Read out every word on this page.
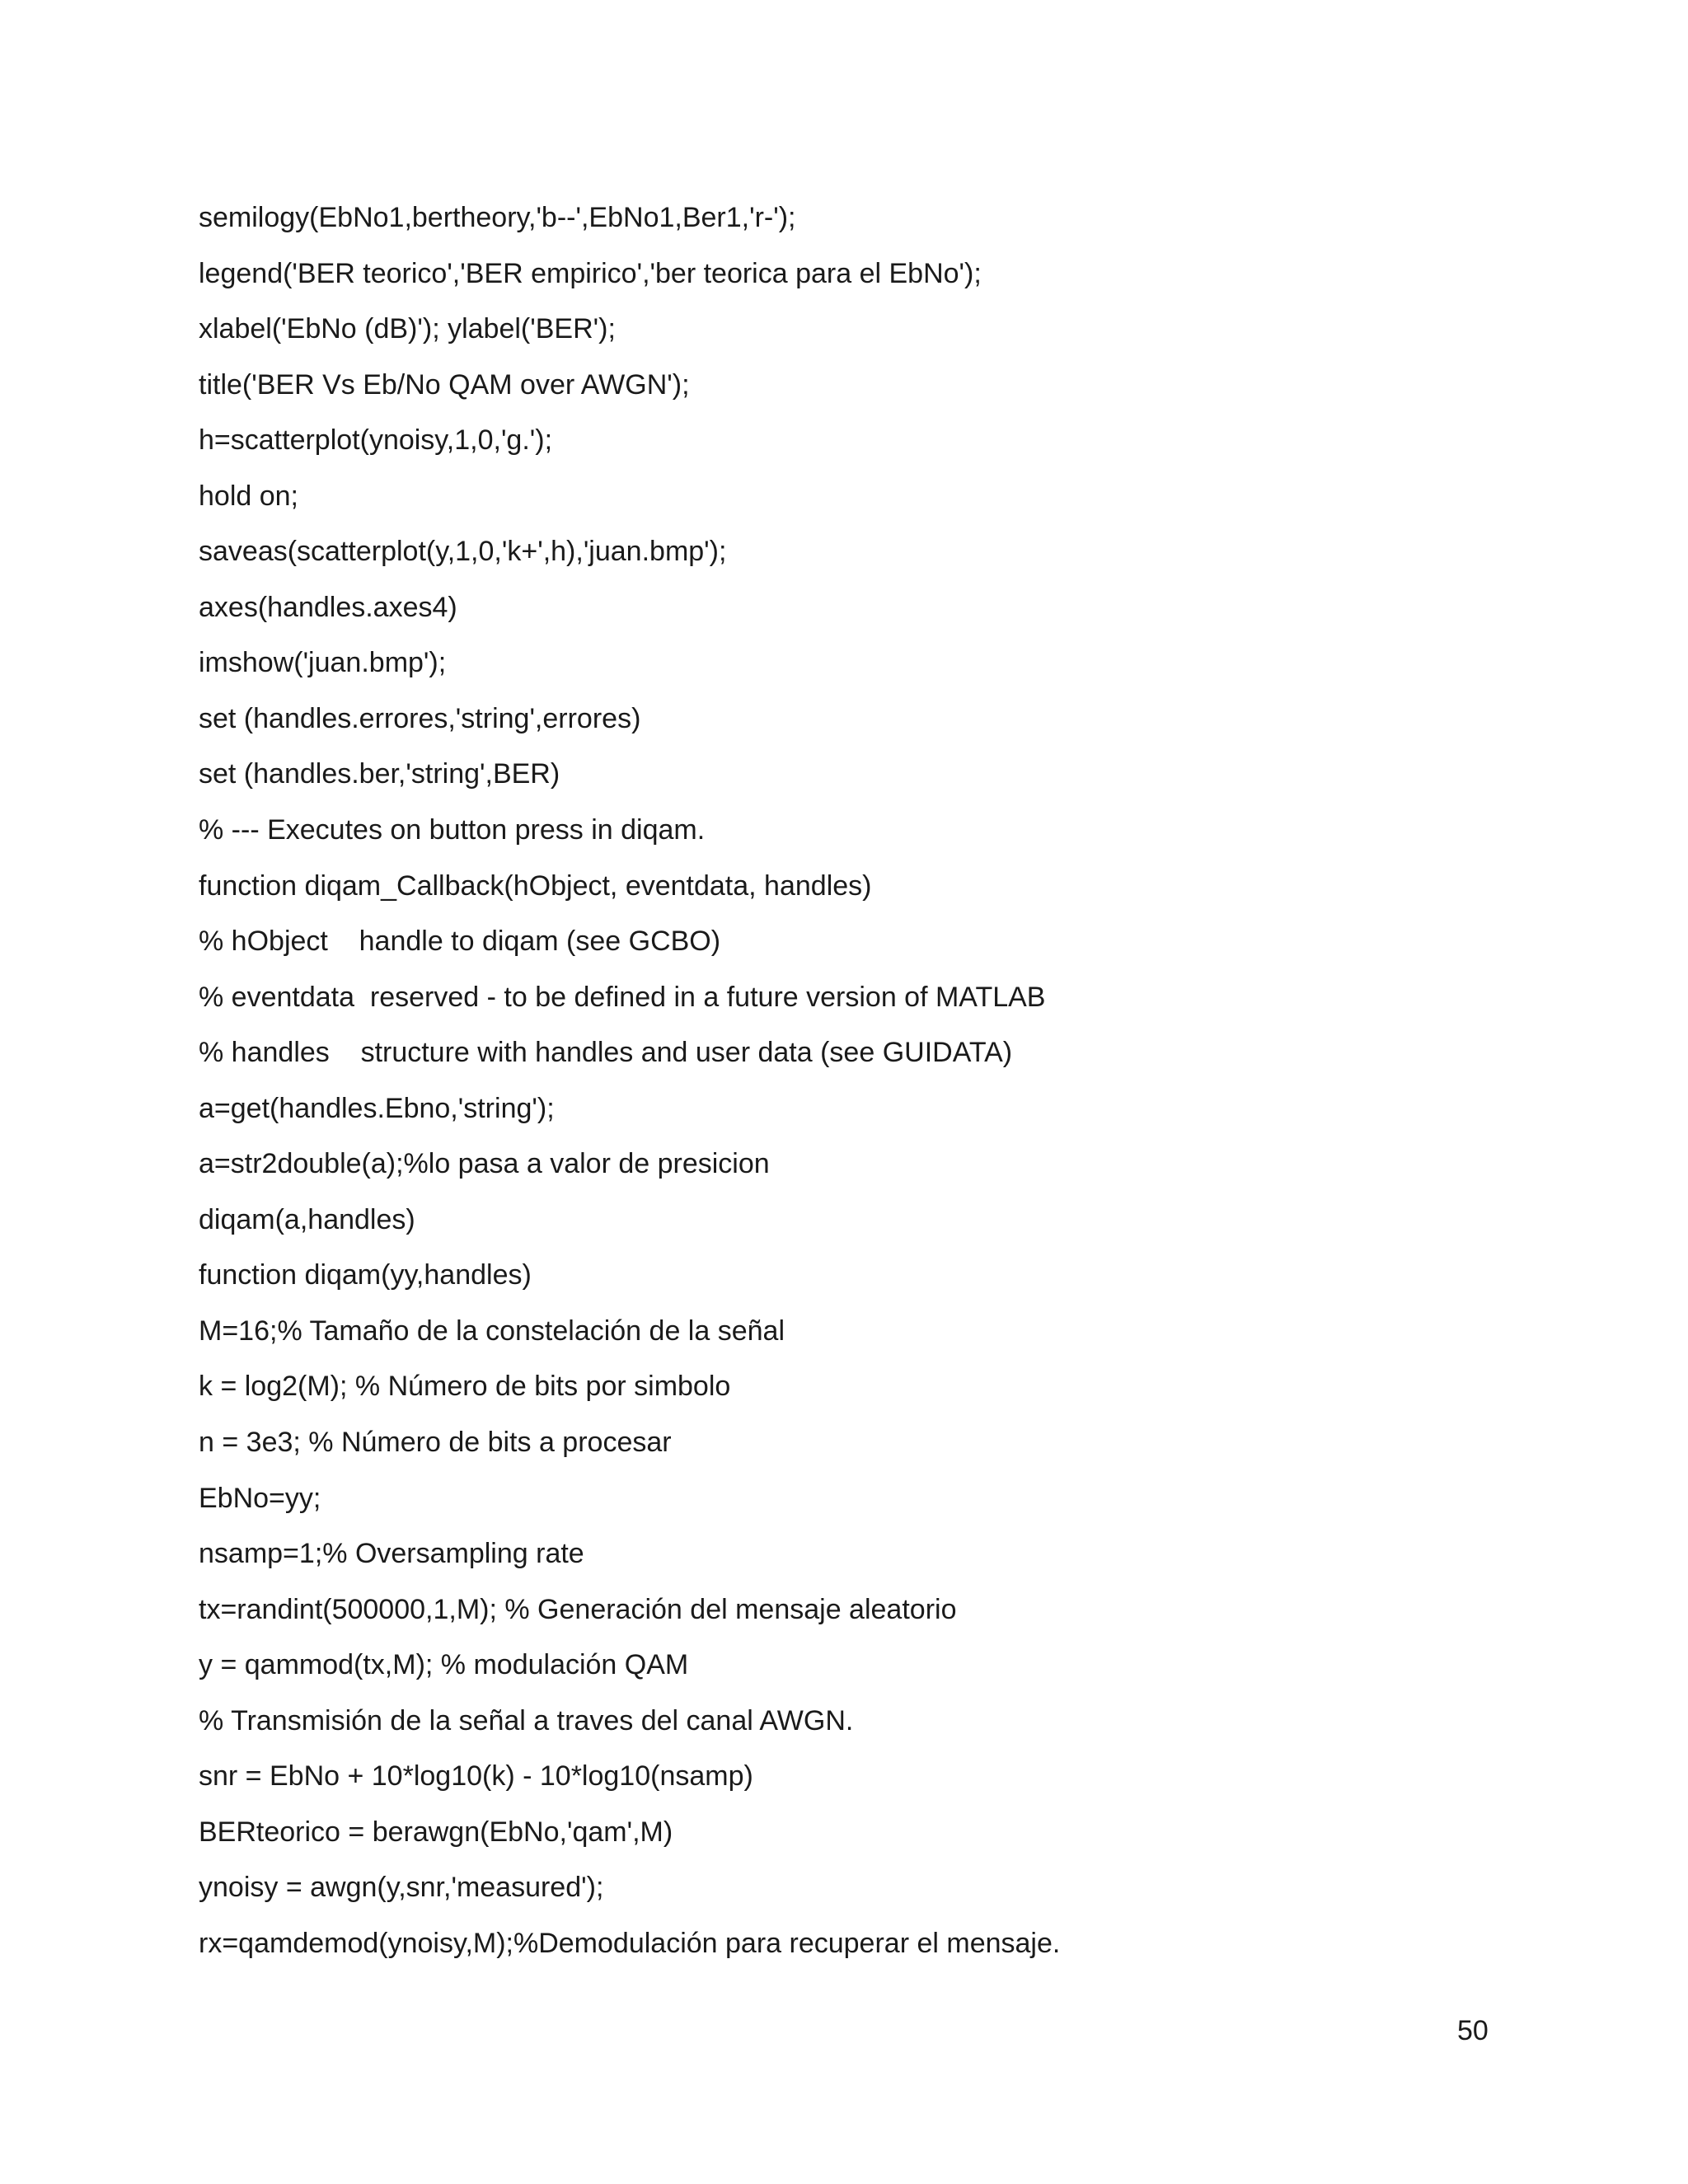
semilogy(EbNo1,bertheory,'b--',EbNo1,Ber1,'r-');
legend('BER teorico','BER empirico','ber teorica para el EbNo');
xlabel('EbNo (dB)'); ylabel('BER');
title('BER Vs Eb/No QAM over AWGN');
h=scatterplot(ynoisy,1,0,'g.');
hold on;
saveas(scatterplot(y,1,0,'k+',h),'juan.bmp');
axes(handles.axes4)
imshow('juan.bmp');
set (handles.errores,'string',errores)
set (handles.ber,'string',BER)
% --- Executes on button press in diqam.
function diqam_Callback(hObject, eventdata, handles)
% hObject    handle to diqam (see GCBO)
% eventdata  reserved - to be defined in a future version of MATLAB
% handles    structure with handles and user data (see GUIDATA)
a=get(handles.Ebno,'string');
a=str2double(a);%lo pasa a valor de presicion
diqam(a,handles)
function diqam(yy,handles)
M=16;% Tamaño de la constelación de la señal
k = log2(M); % Número de bits por simbolo
n = 3e3; % Número de bits a procesar
EbNo=yy;
nsamp=1;% Oversampling rate
tx=randint(500000,1,M); % Generación del mensaje aleatorio
y = qammod(tx,M); % modulación QAM
% Transmisión de la señal a traves del canal AWGN.
snr = EbNo + 10*log10(k) - 10*log10(nsamp)
BERteorico = berawgn(EbNo,'qam',M)
ynoisy = awgn(y,snr,'measured');
rx=qamdemod(ynoisy,M);%Demodulación para recuperar el mensaje.
50
